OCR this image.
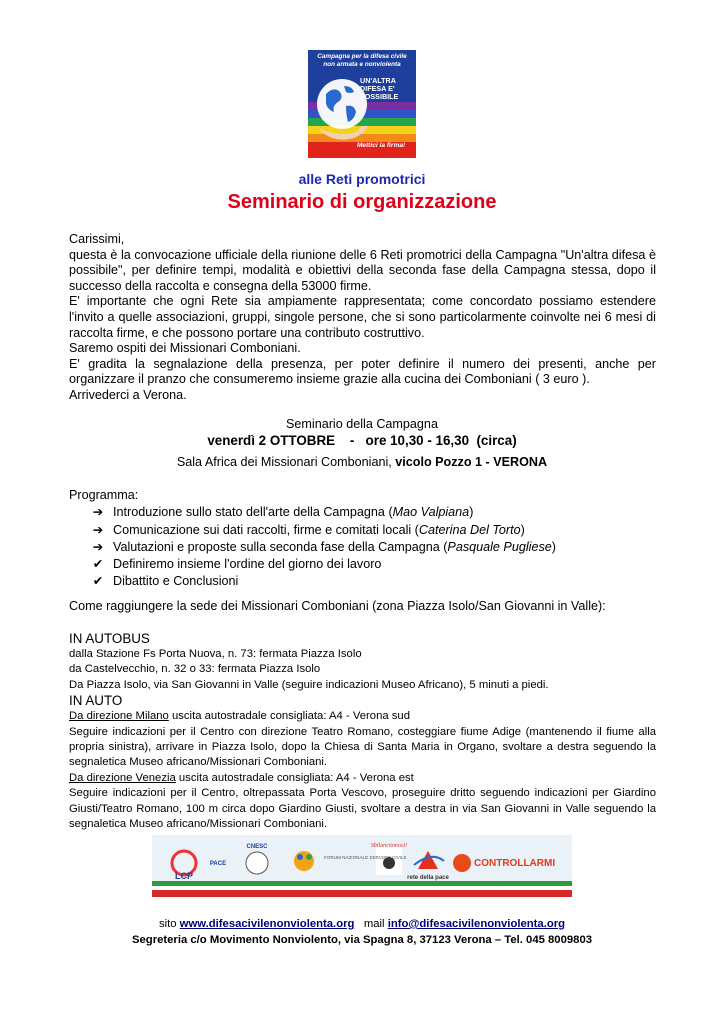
Campagna per la difesa civile non armata e nonviolenta
UN'ALTRA DIFESA E' POSSIBILE
Mettici la firma!
alle Reti promotrici
Seminario di organizzazione

Carissimi,

questa è la convocazione ufficiale della riunione delle 6 Reti promotrici della Campagna "Un'altra difesa è possibile", per definire tempi, modalità e obiettivi della seconda fase della Campagna stessa, dopo il successo della raccolta e consegna della 53000 firme.

E' importante che ogni Rete sia ampiamente rappresentata; come concordato possiamo estendere l'invito a quelle associazioni, gruppi, singole persone, che si sono particolarmente coinvolte nei 6 mesi di raccolta firme, e che possono portare una contributo costruttivo.

Saremo ospiti dei Missionari Comboniani.

E' gradita la segnalazione della presenza, per poter definire il numero dei presenti, anche per organizzare il pranzo che consumeremo insieme grazie alla cucina dei Comboniani ( 3 euro ).

Arrivederci a Verona.

Seminario della Campagna
venerdì 2 OTTOBRE    -   ore 10,30 - 16,30  (circa)
Sala Africa dei Missionari Comboniani, vicolo Pozzo 1 - VERONA
Programma:
➔ Introduzione sullo stato dell'arte della Campagna (Mao Valpiana)
➔ Comunicazione sui dati raccolti, firme e comitati locali (Caterina Del Torto)
➔ Valutazioni e proposte sulla seconda fase della Campagna (Pasquale Pugliese)
✔ Definiremo insieme l'ordine del giorno dei lavoro
✔ Dibattito e Conclusioni
Come raggiungere la sede dei Missionari Comboniani (zona Piazza Isolo/San Giovanni in Valle):
IN AUTOBUS
dalla Stazione Fs Porta Nuova, n. 73: fermata Piazza Isolo
da Castelvecchio, n. 32 o 33: fermata Piazza Isolo
Da Piazza Isolo, via San Giovanni in Valle (seguire indicazioni Museo Africano), 5 minuti a piedi.
IN AUTO
Da direzione Milano uscita autostradale consigliata: A4 - Verona sud
Seguire indicazioni per il Centro con direzione Teatro Romano, costeggiare fiume Adige (mantenendo il fiume alla propria sinistra), arrivare in Piazza Isolo, dopo la Chiesa di Santa Maria in Organo, svoltare a destra seguendo la segnaletica Museo africano/Missionari Comboniani.
Da direzione Venezia uscita autostradale consigliata: A4 - Verona est
Seguire indicazioni per il Centro, oltrepassata Porta Vescovo, proseguire dritto seguendo indicazioni per Giardino Giusti/Teatro Romano, 100 m circa dopo Giardino Giusti, svoltare a destra in via San Giovanni in Valle seguendo la segnaletica Museo africano/Missionari Comboniani.
LCP
PACE
CNESC
FORUM NAZIONALE SERVIZIO CIVILE
Sbilanciamoci!
rete della pace
CONTROLLARMI
sito www.difesacivilenonviolenta.org   mail info@difesacivilenonviolenta.org
Segreteria c/o Movimento Nonviolento, via Spagna 8, 37123 Verona – Tel. 045 8009803
